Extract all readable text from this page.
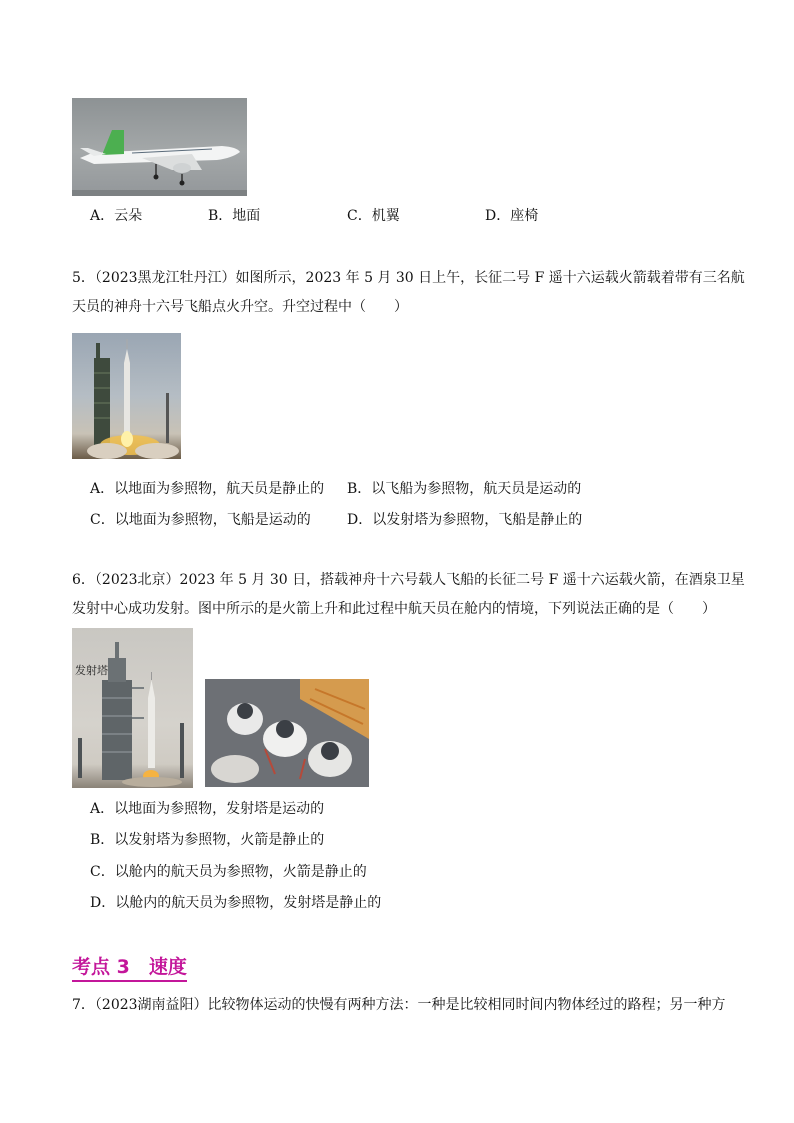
A．云朵	B．地面	C．机翼	D．座椅
5．（2023黑龙江牡丹江）如图所示，2023 年 5 月 30 日上午，长征二号 F 遥十六运载火箭载着带有三名航
天员的神舟十六号飞船点火升空。升空过程中（　　）
A．以地面为参照物，航天员是静止的 B．以飞船为参照物，航天员是运动的
C．以地面为参照物，飞船是运动的	D．以发射塔为参照物，飞船是静止的
6．（2023北京）2023 年 5 月 30 日，搭载神舟十六号载人飞船的长征二号 F 遥十六运载火箭，在酒泉卫星
发射中心成功发射。图中所示的是火箭上升和此过程中航天员在舱内的情境，下列说法正确的是（　　）
发射塔
A．以地面为参照物，发射塔是运动的
B．以发射塔为参照物，火箭是静止的
C．以舱内的航天员为参照物，火箭是静止的
D．以舱内的航天员为参照物，发射塔是静止的
考点 3　速度
7．（2023湖南益阳）比较物体运动的快慢有两种方法：一种是比较相同时间内物体经过的路程；另一种方
